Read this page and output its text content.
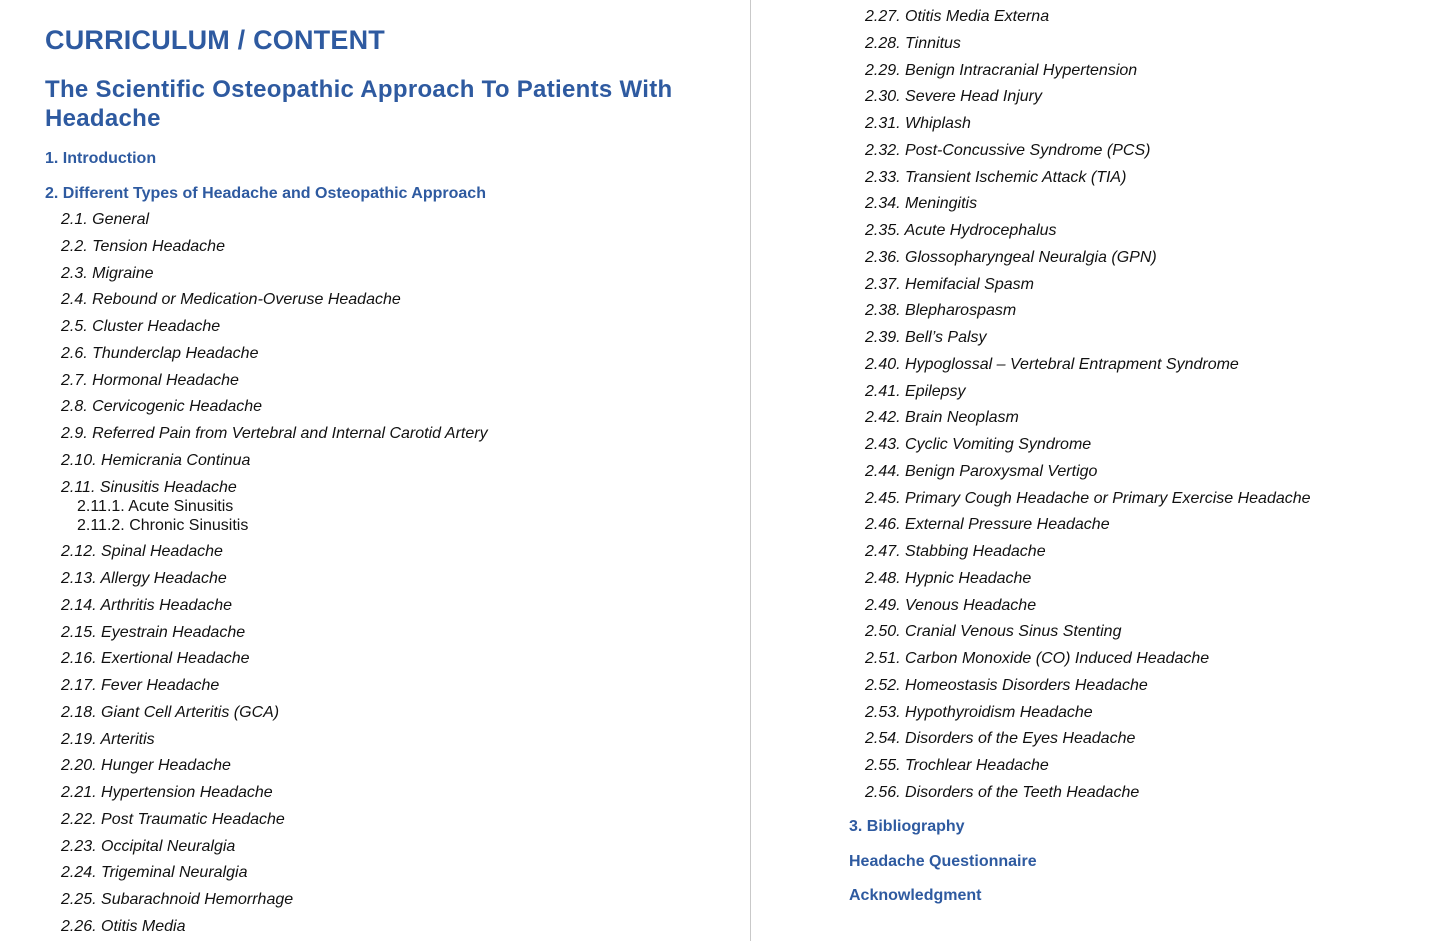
CURRICULUM / CONTENT
The Scientific Osteopathic Approach To Patients With Headache
1. Introduction
2. Different Types of Headache and Osteopathic Approach
2.1. General
2.2. Tension Headache
2.3. Migraine
2.4. Rebound or Medication-Overuse Headache
2.5. Cluster Headache
2.6. Thunderclap Headache
2.7. Hormonal Headache
2.8. Cervicogenic Headache
2.9. Referred Pain from Vertebral and Internal Carotid Artery
2.10. Hemicrania Continua
2.11. Sinusitis Headache
2.11.1. Acute Sinusitis
2.11.2. Chronic Sinusitis
2.12. Spinal Headache
2.13. Allergy Headache
2.14. Arthritis Headache
2.15. Eyestrain Headache
2.16. Exertional Headache
2.17. Fever Headache
2.18. Giant Cell Arteritis (GCA)
2.19. Arteritis
2.20. Hunger Headache
2.21. Hypertension Headache
2.22. Post Traumatic Headache
2.23. Occipital Neuralgia
2.24. Trigeminal Neuralgia
2.25. Subarachnoid Hemorrhage
2.26. Otitis Media
2.27. Otitis Media Externa
2.28. Tinnitus
2.29. Benign Intracranial Hypertension
2.30. Severe Head Injury
2.31. Whiplash
2.32. Post-Concussive Syndrome (PCS)
2.33. Transient Ischemic Attack (TIA)
2.34. Meningitis
2.35. Acute Hydrocephalus
2.36. Glossopharyngeal Neuralgia (GPN)
2.37. Hemifacial Spasm
2.38. Blepharospasm
2.39. Bell’s Palsy
2.40. Hypoglossal – Vertebral Entrapment Syndrome
2.41. Epilepsy
2.42. Brain Neoplasm
2.43. Cyclic Vomiting Syndrome
2.44. Benign Paroxysmal Vertigo
2.45. Primary Cough Headache or Primary Exercise Headache
2.46. External Pressure Headache
2.47. Stabbing Headache
2.48. Hypnic Headache
2.49. Venous Headache
2.50. Cranial Venous Sinus Stenting
2.51. Carbon Monoxide (CO) Induced Headache
2.52. Homeostasis Disorders Headache
2.53. Hypothyroidism Headache
2.54. Disorders of the Eyes Headache
2.55. Trochlear Headache
2.56. Disorders of the Teeth Headache
3. Bibliography
Headache Questionnaire
Acknowledgment
